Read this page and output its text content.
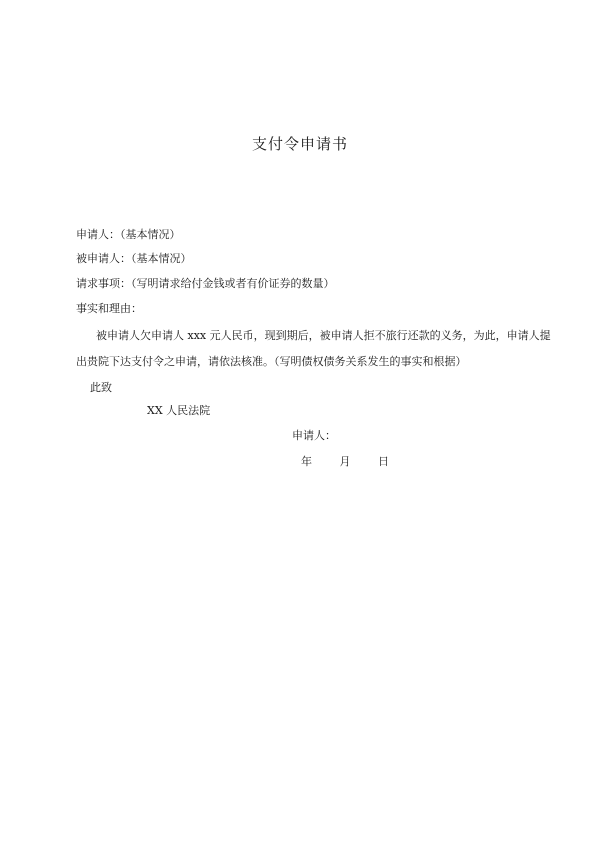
支付令申请书
申请人：（基本情况）
被申请人：（基本情况）
请求事项：（写明请求给付金钱或者有价证券的数量）
事实和理由：
被申请人欠申请人 xxx 元人民币，现到期后，被申请人拒不旅行还款的义务，为此，申请人提
出贵院下达支付令之申请，请依法核准。（写明债权债务关系发生的事实和根据）
此致
XX 人民法院
申请人：
年	月	日
